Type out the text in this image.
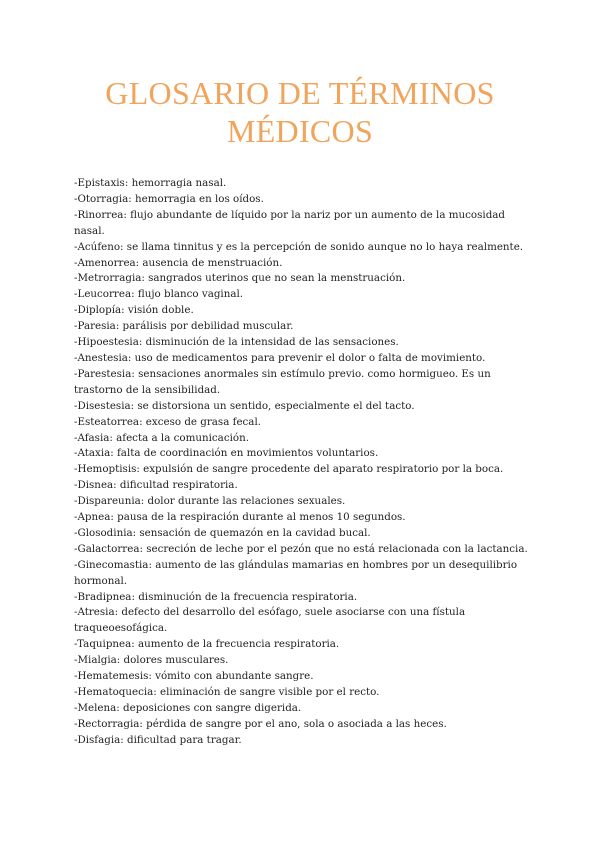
GLOSARIO DE TÉRMINOS
MÉDICOS
-Epistaxis: hemorragia nasal.
-Otorragia: hemorragia en los oídos.
-Rinorrea: flujo abundante de líquido por la nariz por un aumento de la mucosidad nasal.
-Acúfeno: se llama tinnitus y es la percepción de sonido aunque no lo haya realmente.
-Amenorrea: ausencia de menstruación.
-Metrorragia: sangrados uterinos que no sean la menstruación.
-Leucorrea: flujo blanco vaginal.
-Diplopía: visión doble.
-Paresia: parálisis por debilidad muscular.
-Hipoestesia: disminución de la intensidad de las sensaciones.
-Anestesia: uso de medicamentos para prevenir el dolor o falta de movimiento.
-Parestesia: sensaciones anormales sin estímulo previo. como hormigueo. Es un trastorno de la sensibilidad.
-Disestesia: se distorsiona un sentido, especialmente el del tacto.
-Esteatorrea: exceso de grasa fecal.
-Afasia: afecta a la comunicación.
-Ataxia: falta de coordinación en movimientos voluntarios.
-Hemoptisis: expulsión de sangre procedente del aparato respiratorio por la boca.
-Disnea: dificultad respiratoria.
-Dispareunia: dolor durante las relaciones sexuales.
-Apnea: pausa de la respiración durante al menos 10 segundos.
-Glosodinia: sensación de quemazón en la cavidad bucal.
-Galactorrea: secreción de leche por el pezón que no está relacionada con la lactancia.
-Ginecomastia: aumento de las glándulas mamarias en hombres por un desequilibrio hormonal.
-Bradipnea: disminución de la frecuencia respiratoria.
-Atresia: defecto del desarrollo del esófago, suele asociarse con una fístula traqueoesofágica.
-Taquipnea: aumento de la frecuencia respiratoria.
-Mialgia: dolores musculares.
-Hematemesis: vómito con abundante sangre.
-Hematoquecia: eliminación de sangre visible por el recto.
-Melena: deposiciones con sangre digerida.
-Rectorragia: pérdida de sangre por el ano, sola o asociada a las heces.
-Disfagia: dificultad para tragar.
